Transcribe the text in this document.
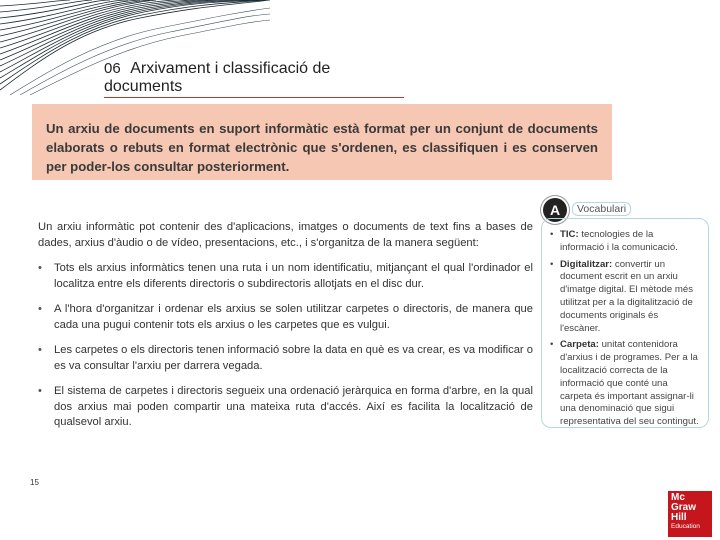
06 Arxivament i classificació de documents
Un arxiu de documents en suport informàtic està format per un conjunt de documents elaborats o rebuts en format electrònic que s'ordenen, es classifiquen i es conserven per poder-los consultar posteriorment.

Un arxiu informàtic pot contenir des d'aplicacions, imatges o documents de text fins a bases de dades, arxius d'àudio o de vídeo, presentacions, etc., i s'organitza de la manera següent:

• Tots els arxius informàtics tenen una ruta i un nom identificatiu, mitjançant el qual l'ordinador el localitza entre els diferents directoris o subdirectoris allotjats en el disc dur.
• A l'hora d'organitzar i ordenar els arxius se solen utilitzar carpetes o directoris, de manera que cada una pugui contenir tots els arxius o les carpetes que es vulgui.
• Les carpetes o els directoris tenen informació sobre la data en què es va crear, es va modificar o es va consultar l'arxiu per darrera vegada.
• El sistema de carpetes i directoris segueix una ordenació jeràrquica en forma d'arbre, en la qual dos arxius mai poden compartir una mateixa ruta d'accés. Així es facilita la localització de qualsevol arxiu.
A	Vocabulari
• TIC: tecnologies de la informació i la comunicació.
• Digitalitzar: convertir un document escrit en un arxiu d'imatge digital. El mètode més utilitzat per a la digitalització de documents originals és l'escàner.
• Carpeta: unitat contenidora d'arxius i de programes. Per a la localització correcta de la informació que conté una carpeta és important assignar-li una denominació que sigui representativa del seu contingut.
15
Mc
Graw
Hill
Education
